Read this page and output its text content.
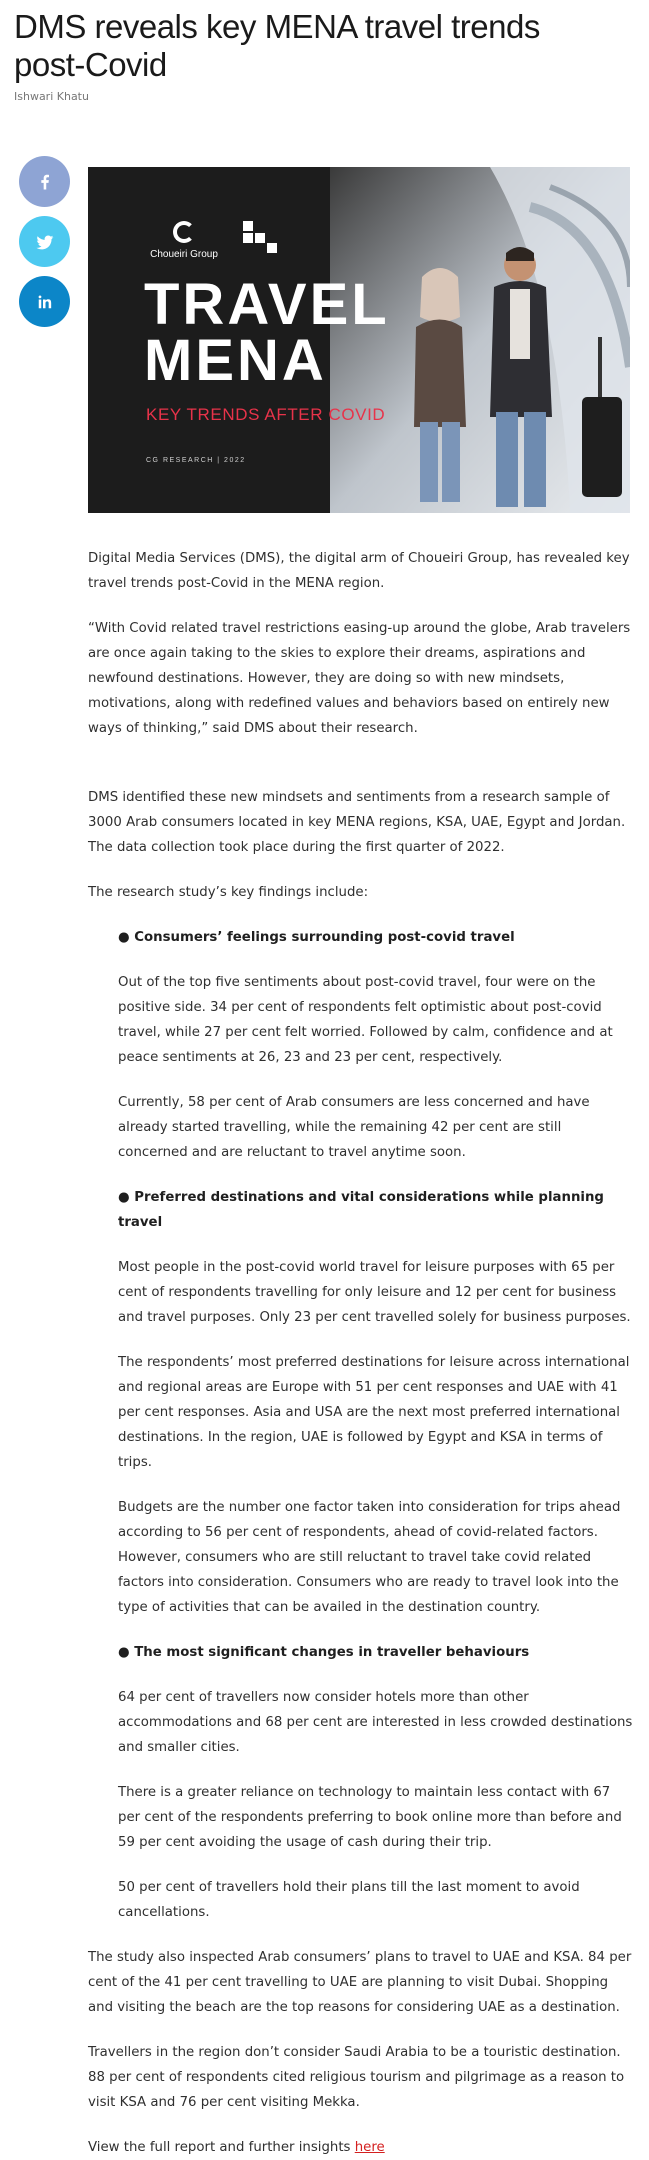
DMS reveals key MENA travel trends post-Covid
Ishwari Khatu
Choueiri Group
TRAVEL
MENA
KEY TRENDS AFTER COVID
CG RESEARCH | 2022

Digital Media Services (DMS), the digital arm of Choueiri Group, has revealed key travel trends post-Covid in the MENA region.

“With Covid related travel restrictions easing-up around the globe, Arab travelers are once again taking to the skies to explore their dreams, aspirations and newfound destinations. However, they are doing so with new mindsets, motivations, along with redefined values and behaviors based on entirely new ways of thinking,” said DMS about their research.

DMS identified these new mindsets and sentiments from a research sample of 3000 Arab consumers located in key MENA regions, KSA, UAE, Egypt and Jordan. The data collection took place during the first quarter of 2022.

The research study’s key findings include:

● Consumers’ feelings surrounding post-covid travel

Out of the top five sentiments about post-covid travel, four were on the positive side. 34 per cent of respondents felt optimistic about post-covid travel, while 27 per cent felt worried. Followed by calm, confidence and at peace sentiments at 26, 23 and 23 per cent, respectively.

Currently, 58 per cent of Arab consumers are less concerned and have already started travelling, while the remaining 42 per cent are still concerned and are reluctant to travel anytime soon.

● Preferred destinations and vital considerations while planning travel

Most people in the post-covid world travel for leisure purposes with 65 per cent of respondents travelling for only leisure and 12 per cent for business and travel purposes. Only 23 per cent travelled solely for business purposes.

The respondents’ most preferred destinations for leisure across international and regional areas are Europe with 51 per cent responses and UAE with 41 per cent responses. Asia and USA are the next most preferred international destinations. In the region, UAE is followed by Egypt and KSA in terms of trips.

Budgets are the number one factor taken into consideration for trips ahead according to 56 per cent of respondents, ahead of covid-related factors. However, consumers who are still reluctant to travel take covid related factors into consideration. Consumers who are ready to travel look into the type of activities that can be availed in the destination country.

● The most significant changes in traveller behaviours

64 per cent of travellers now consider hotels more than other accommodations and 68 per cent are interested in less crowded destinations and smaller cities.

There is a greater reliance on technology to maintain less contact with 67 per cent of the respondents preferring to book online more than before and 59 per cent avoiding the usage of cash during their trip.

50 per cent of travellers hold their plans till the last moment to avoid cancellations.

The study also inspected Arab consumers’ plans to travel to UAE and KSA. 84 per cent of the 41 per cent travelling to UAE are planning to visit Dubai. Shopping and visiting the beach are the top reasons for considering UAE as a destination.

Travellers in the region don’t consider Saudi Arabia to be a touristic destination. 88 per cent of respondents cited religious tourism and pilgrimage as a reason to visit KSA and 76 per cent visiting Mekka.

View the full report and further insights here
